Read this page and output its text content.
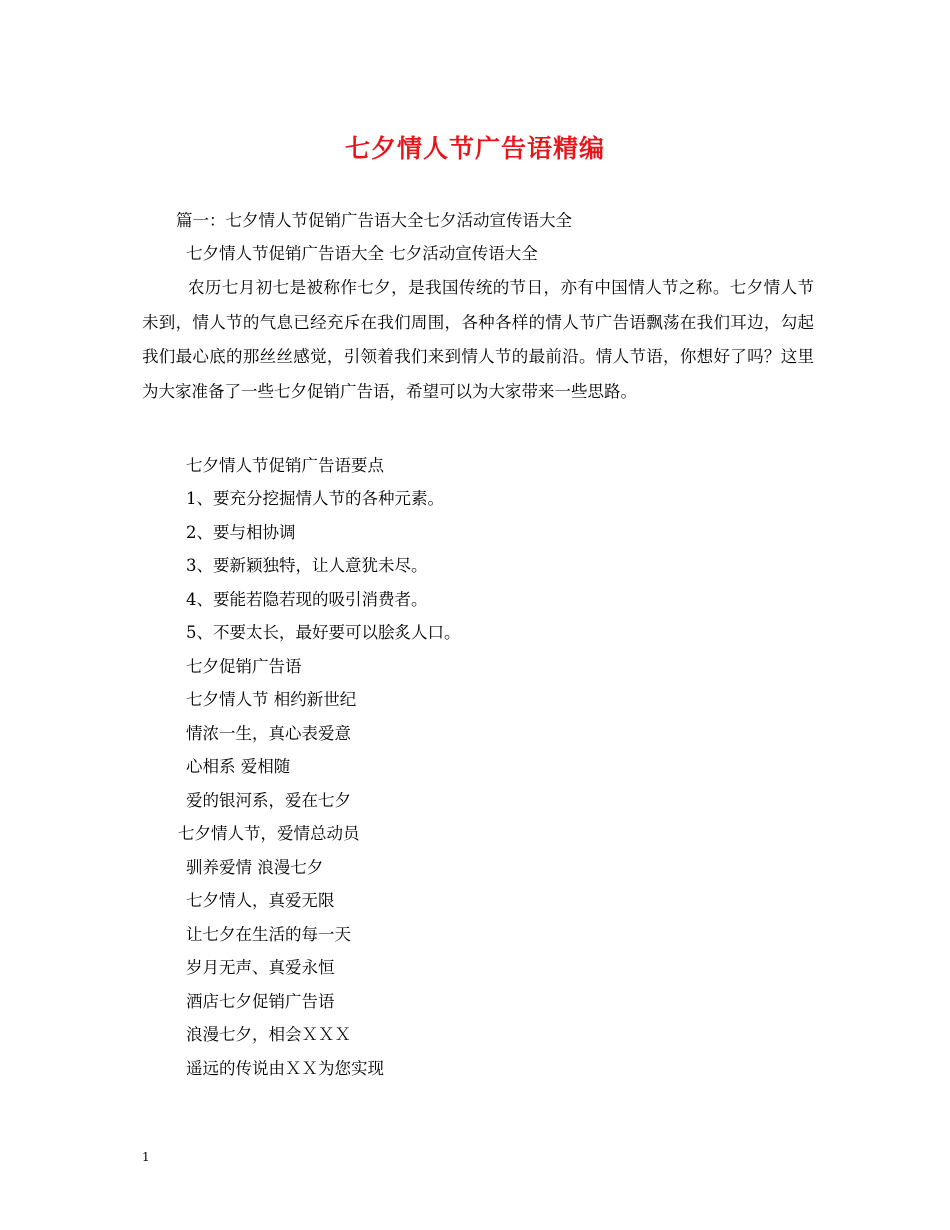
七夕情人节广告语精编
篇一：七夕情人节促销广告语大全七夕活动宣传语大全
七夕情人节促销广告语大全 七夕活动宣传语大全
农历七月初七是被称作七夕，是我国传统的节日，亦有中国情人节之称。七夕情人节未到，情人节的气息已经充斥在我们周围，各种各样的情人节广告语飘荡在我们耳边，勾起我们最心底的那丝丝感觉，引领着我们来到情人节的最前沿。情人节语，你想好了吗？这里为大家准备了一些七夕促销广告语，希望可以为大家带来一些思路。
七夕情人节促销广告语要点
1、要充分挖掘情人节的各种元素。
2、要与相协调
3、要新颖独特，让人意犹未尽。
4、要能若隐若现的吸引消费者。
5、不要太长，最好要可以脍炙人口。
七夕促销广告语
七夕情人节 相约新世纪
情浓一生，真心表爱意
心相系 爱相随
爱的银河系，爱在七夕
七夕情人节，爱情总动员
驯养爱情 浪漫七夕
七夕情人，真爱无限
让七夕在生活的每一天
岁月无声、真爱永恒
酒店七夕促销广告语
浪漫七夕，相会ＸＸＸ
遥远的传说由ＸＸ为您实现
1
